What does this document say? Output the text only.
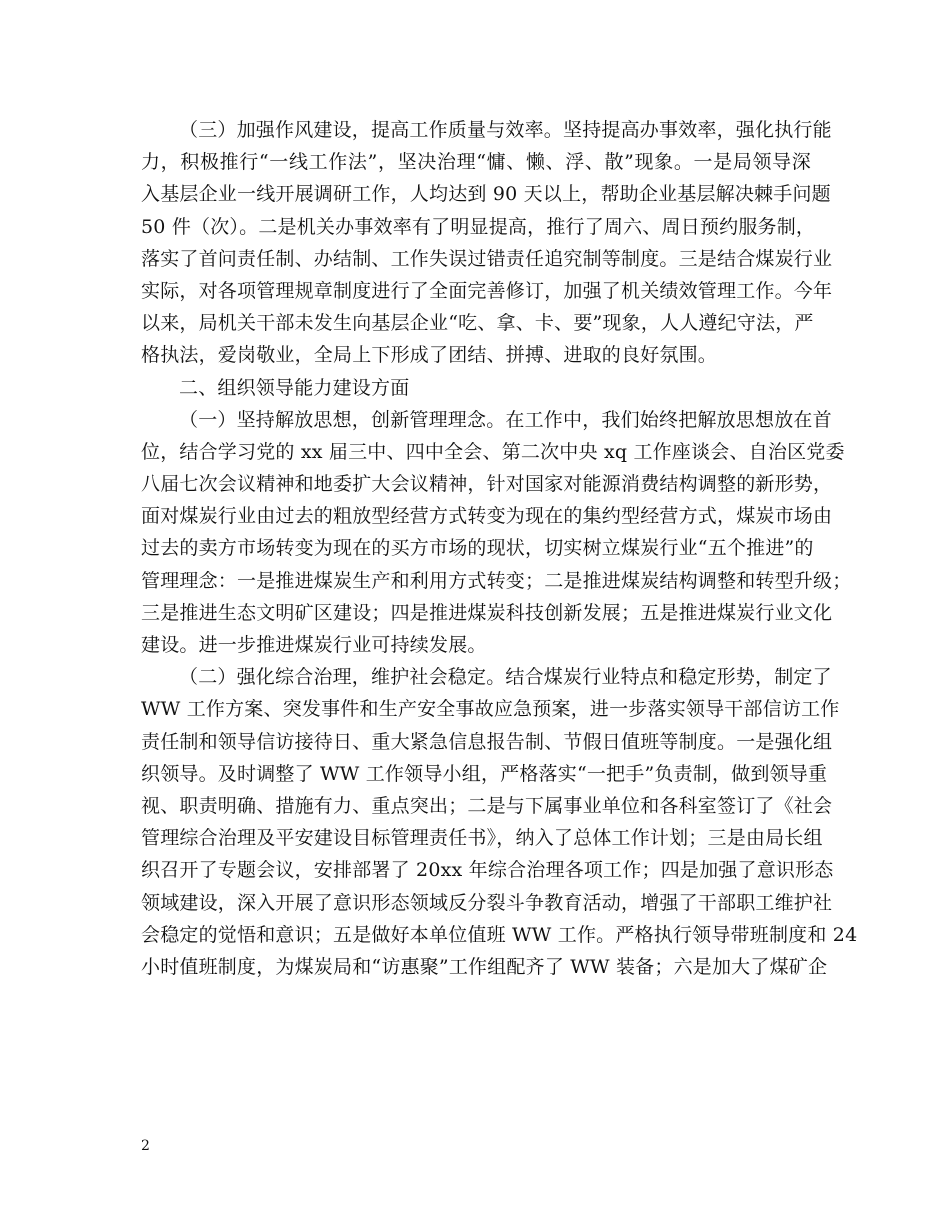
（三）加强作风建设，提高工作质量与效率。坚持提高办事效率，强化执行能
力，积极推行“一线工作法”，坚决治理“慵、懒、浮、散”现象。一是局领导深
入基层企业一线开展调研工作，人均达到 90 天以上，帮助企业基层解决棘手问题
50 件（次）。二是机关办事效率有了明显提高，推行了周六、周日预约服务制，
落实了首问责任制、办结制、工作失误过错责任追究制等制度。三是结合煤炭行业
实际，对各项管理规章制度进行了全面完善修订，加强了机关绩效管理工作。今年
以来，局机关干部未发生向基层企业“吃、拿、卡、要”现象，人人遵纪守法，严
格执法，爱岗敬业，全局上下形成了团结、拼搏、进取的良好氛围。
二、组织领导能力建设方面
（一）坚持解放思想，创新管理理念。在工作中，我们始终把解放思想放在首
位，结合学习党的 xx 届三中、四中全会、第二次中央 xq 工作座谈会、自治区党委
八届七次会议精神和地委扩大会议精神，针对国家对能源消费结构调整的新形势，
面对煤炭行业由过去的粗放型经营方式转变为现在的集约型经营方式，煤炭市场由
过去的卖方市场转变为现在的买方市场的现状，切实树立煤炭行业“五个推进”的
管理理念：一是推进煤炭生产和利用方式转变；二是推进煤炭结构调整和转型升级；
三是推进生态文明矿区建设；四是推进煤炭科技创新发展；五是推进煤炭行业文化
建设。进一步推进煤炭行业可持续发展。
（二）强化综合治理，维护社会稳定。结合煤炭行业特点和稳定形势，制定了
WW 工作方案、突发事件和生产安全事故应急预案，进一步落实领导干部信访工作
责任制和领导信访接待日、重大紧急信息报告制、节假日值班等制度。一是强化组
织领导。及时调整了 WW 工作领导小组，严格落实“一把手”负责制，做到领导重
视、职责明确、措施有力、重点突出；二是与下属事业单位和各科室签订了《社会
管理综合治理及平安建设目标管理责任书》，纳入了总体工作计划；三是由局长组
织召开了专题会议，安排部署了 20xx 年综合治理各项工作；四是加强了意识形态
领域建设，深入开展了意识形态领域反分裂斗争教育活动，增强了干部职工维护社
会稳定的觉悟和意识；五是做好本单位值班 WW 工作。严格执行领导带班制度和 24
小时值班制度，为煤炭局和“访惠聚”工作组配齐了 WW 装备；六是加大了煤矿企
2
